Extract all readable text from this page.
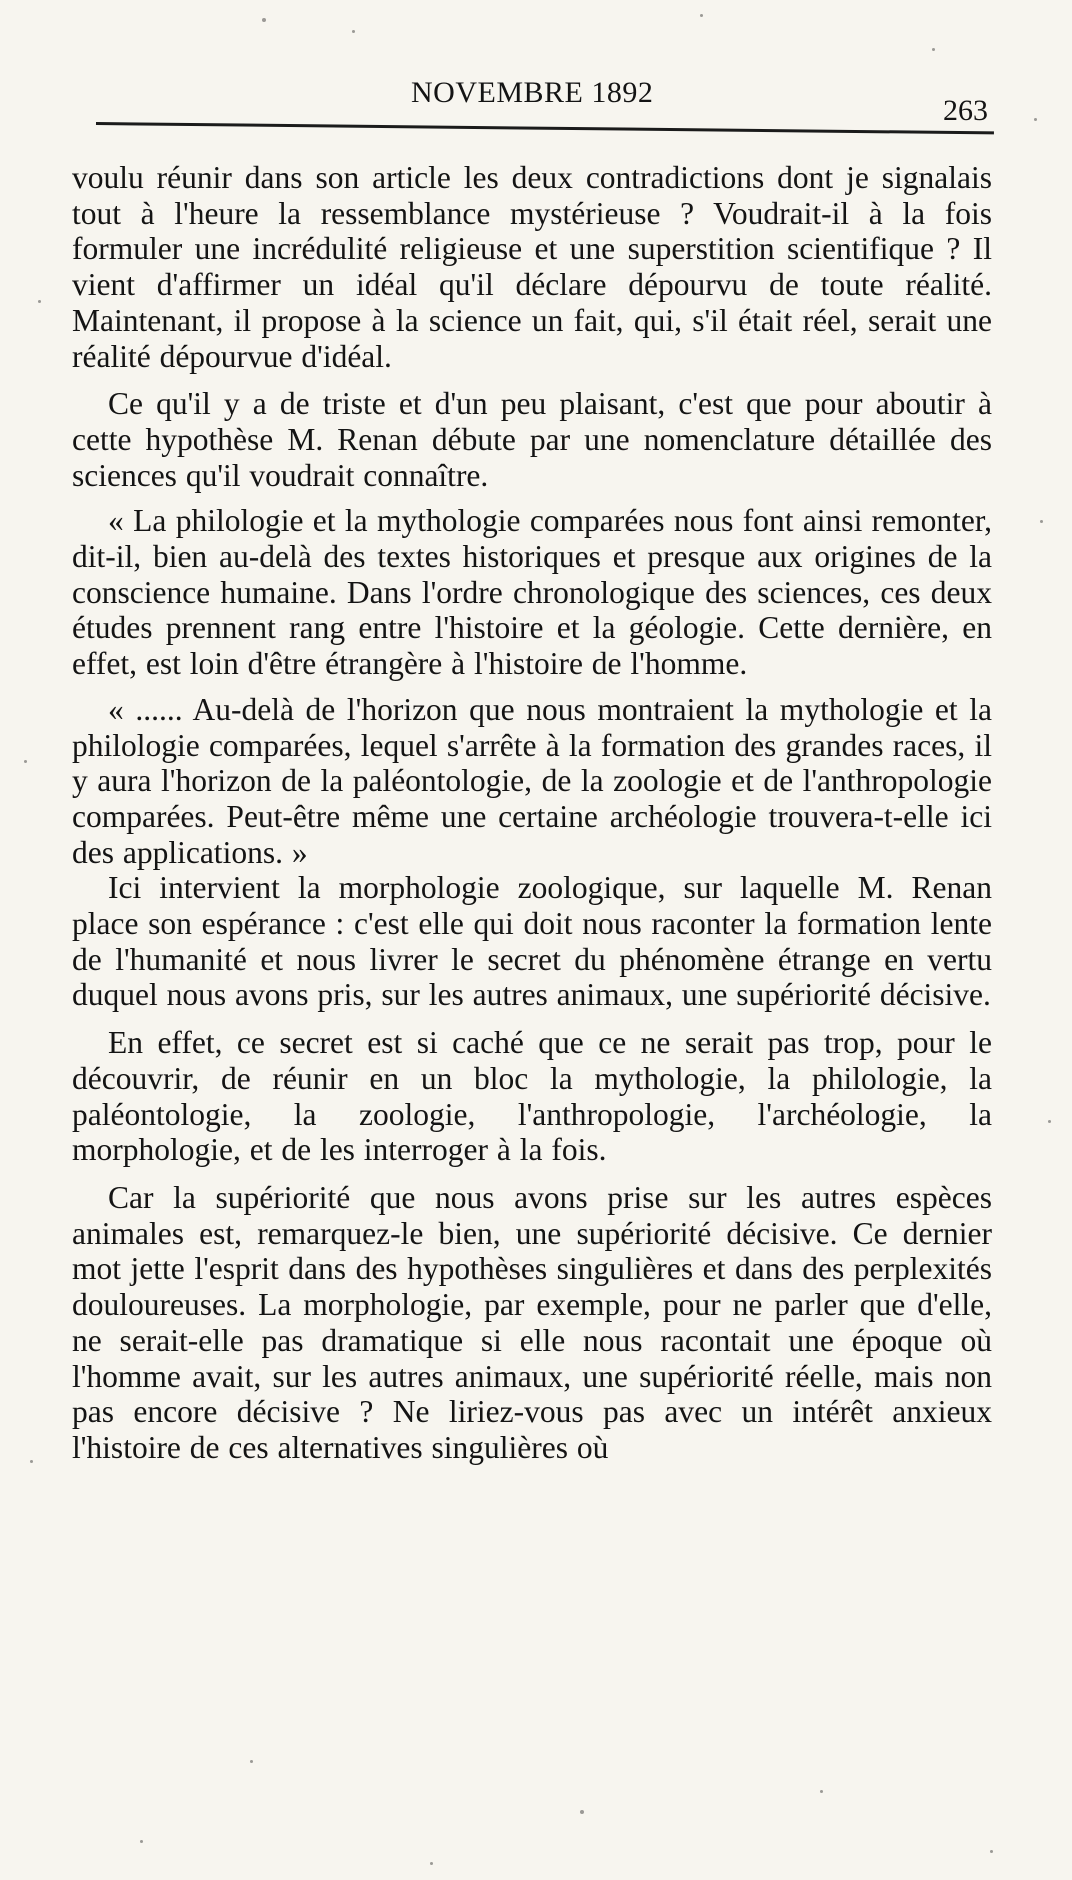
NOVEMBRE 1892
263

voulu réunir dans son article les deux contradictions dont je signalais tout à l'heure la ressemblance mystérieuse ? Voudrait-il à la fois formuler une incrédulité religieuse et une superstition scientifique ? Il vient d'affirmer un idéal qu'il déclare dépourvu de toute réalité. Maintenant, il propose à la science un fait, qui, s'il était réel, serait une réalité dépourvue d'idéal.

Ce qu'il y a de triste et d'un peu plaisant, c'est que pour aboutir à cette hypothèse M. Renan débute par une nomenclature détaillée des sciences qu'il voudrait connaître.

« La philologie et la mythologie comparées nous font ainsi remonter, dit-il, bien au-delà des textes historiques et presque aux origines de la conscience humaine. Dans l'ordre chronologique des sciences, ces deux études prennent rang entre l'histoire et la géologie. Cette dernière, en effet, est loin d'être étrangère à l'histoire de l'homme.

« ...... Au-delà de l'horizon que nous montraient la mythologie et la philologie comparées, lequel s'arrête à la formation des grandes races, il y aura l'horizon de la paléontologie, de la zoologie et de l'anthropologie comparées. Peut-être même une certaine archéologie trouvera-t-elle ici des applications. »

Ici intervient la morphologie zoologique, sur laquelle M. Renan place son espérance : c'est elle qui doit nous raconter la formation lente de l'humanité et nous livrer le secret du phénomène étrange en vertu duquel nous avons pris, sur les autres animaux, une supériorité décisive.

En effet, ce secret est si caché que ce ne serait pas trop, pour le découvrir, de réunir en un bloc la mythologie, la philologie, la paléontologie, la zoologie, l'anthropologie, l'archéologie, la morphologie, et de les interroger à la fois.

Car la supériorité que nous avons prise sur les autres espèces animales est, remarquez-le bien, une supériorité décisive. Ce dernier mot jette l'esprit dans des hypothèses singulières et dans des perplexités douloureuses. La morphologie, par exemple, pour ne parler que d'elle, ne serait-elle pas dramatique si elle nous racontait une époque où l'homme avait, sur les autres animaux, une supériorité réelle, mais non pas encore décisive ? Ne liriez-vous pas avec un intérêt anxieux l'histoire de ces alternatives singulières où
